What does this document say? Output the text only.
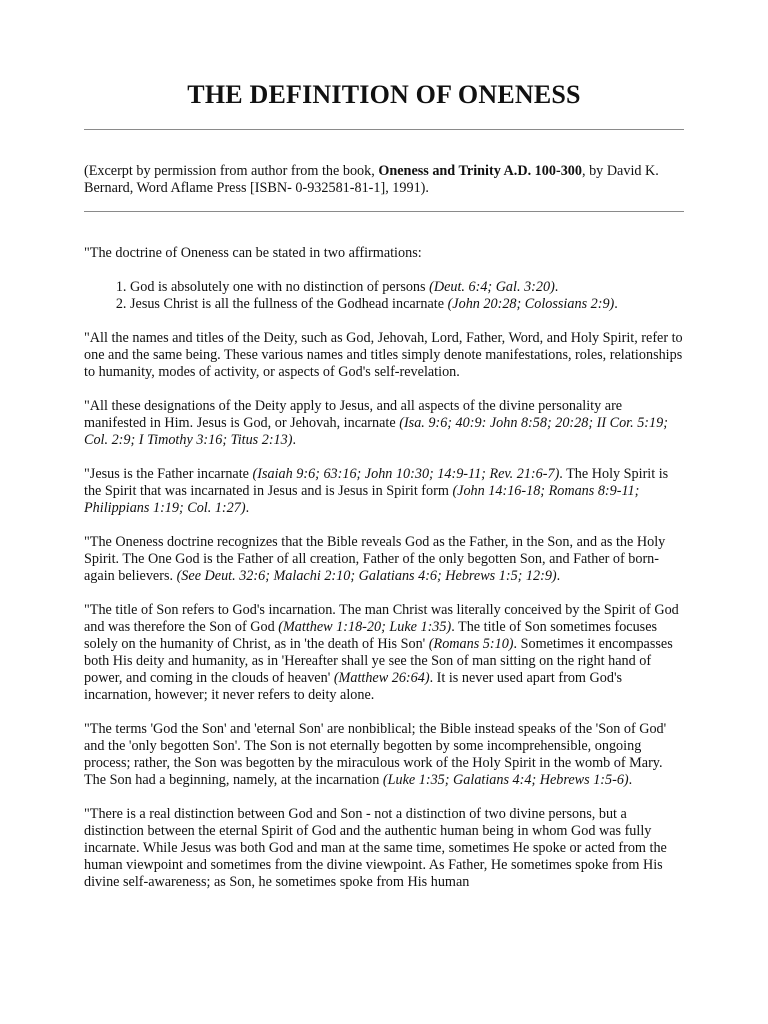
THE DEFINITION OF ONENESS
(Excerpt by permission from author from the book, Oneness and Trinity A.D. 100-300, by David K. Bernard, Word Aflame Press [ISBN- 0-932581-81-1], 1991).

"The doctrine of Oneness can be stated in two affirmations:

1. God is absolutely one with no distinction of persons (Deut. 6:4; Gal. 3:20).
2. Jesus Christ is all the fullness of the Godhead incarnate (John 20:28; Colossians 2:9).

"All the names and titles of the Deity, such as God, Jehovah, Lord, Father, Word, and Holy Spirit, refer to one and the same being. These various names and titles simply denote manifestations, roles, relationships to humanity, modes of activity, or aspects of God's self-revelation.

"All these designations of the Deity apply to Jesus, and all aspects of the divine personality are manifested in Him. Jesus is God, or Jehovah, incarnate (Isa. 9:6; 40:9: John 8:58; 20:28; II Cor. 5:19; Col. 2:9; I Timothy 3:16; Titus 2:13).

"Jesus is the Father incarnate (Isaiah 9:6; 63:16; John 10:30; 14:9-11; Rev. 21:6-7). The Holy Spirit is the Spirit that was incarnated in Jesus and is Jesus in Spirit form (John 14:16-18; Romans 8:9-11; Philippians 1:19; Col. 1:27).

"The Oneness doctrine recognizes that the Bible reveals God as the Father, in the Son, and as the Holy Spirit. The One God is the Father of all creation, Father of the only begotten Son, and Father of born- again believers. (See Deut. 32:6; Malachi 2:10; Galatians 4:6; Hebrews 1:5; 12:9).

"The title of Son refers to God's incarnation. The man Christ was literally conceived by the Spirit of God and was therefore the Son of God (Matthew 1:18-20; Luke 1:35). The title of Son sometimes focuses solely on the humanity of Christ, as in 'the death of His Son' (Romans 5:10). Sometimes it encompasses both His deity and humanity, as in 'Hereafter shall ye see the Son of man sitting on the right hand of power, and coming in the clouds of heaven' (Matthew 26:64). It is never used apart from God's incarnation, however; it never refers to deity alone.

"The terms 'God the Son' and 'eternal Son' are nonbiblical; the Bible instead speaks of the 'Son of God' and the 'only begotten Son'. The Son is not eternally begotten by some incomprehensible, ongoing process; rather, the Son was begotten by the miraculous work of the Holy Spirit in the womb of Mary. The Son had a beginning, namely, at the incarnation (Luke 1:35; Galatians 4:4; Hebrews 1:5-6).

"There is a real distinction between God and Son - not a distinction of two divine persons, but a distinction between the eternal Spirit of God and the authentic human being in whom God was fully incarnate. While Jesus was both God and man at the same time, sometimes He spoke or acted from the human viewpoint and sometimes from the divine viewpoint. As Father, He sometimes spoke from His divine self-awareness; as Son, he sometimes spoke from His human
